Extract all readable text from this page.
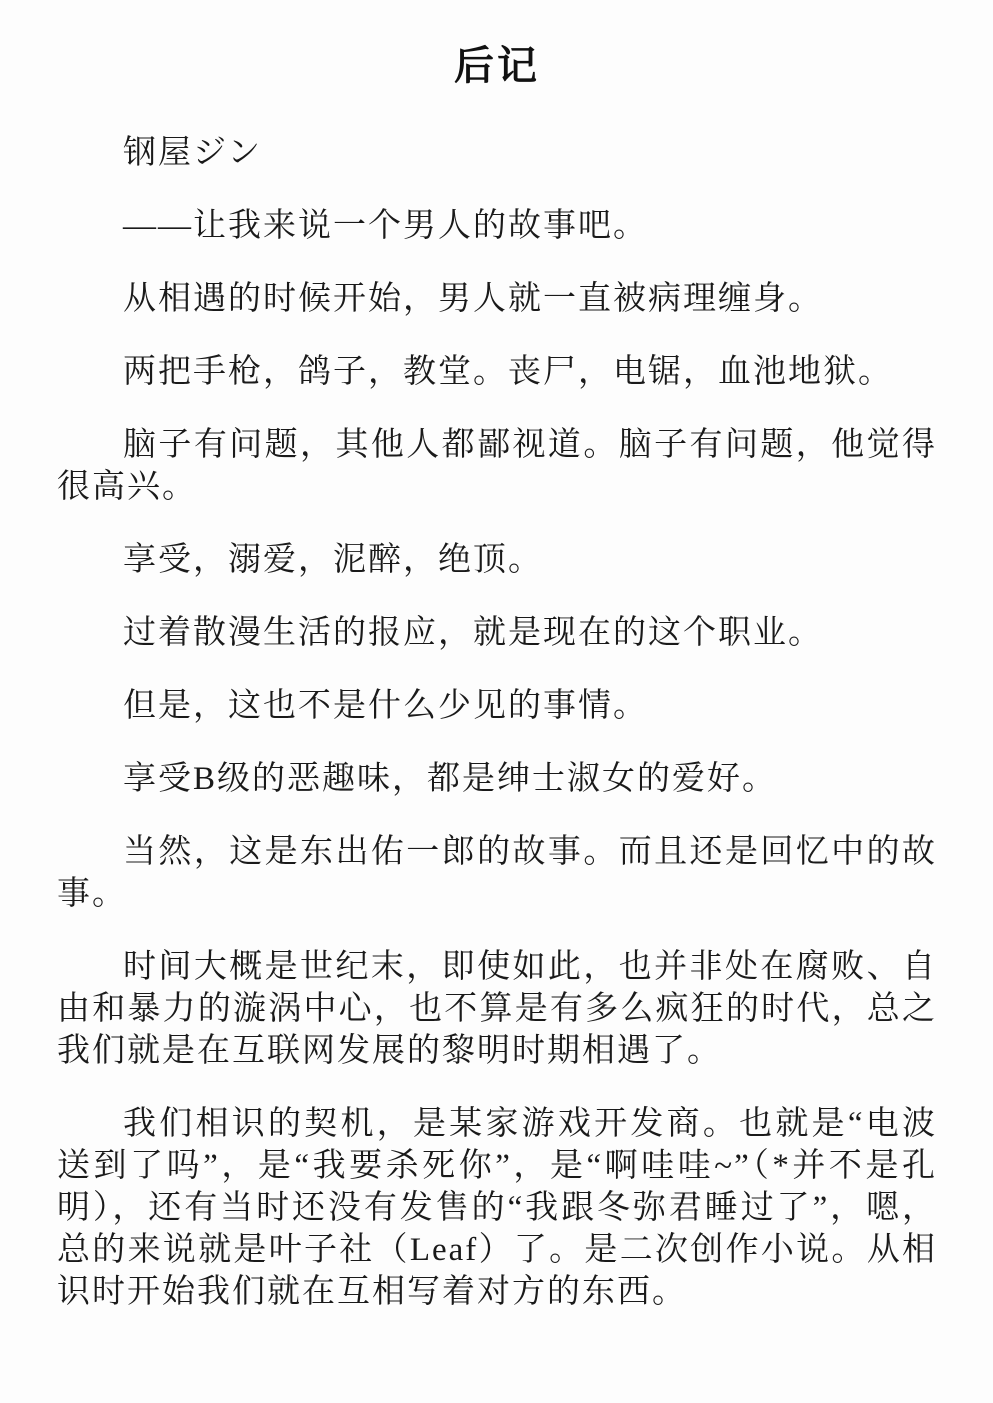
后记

钢屋ジン

——让我来说一个男人的故事吧。

从相遇的时候开始，男人就一直被病理缠身。

两把手枪，鸽子，教堂。丧尸，电锯，血池地狱。

脑子有问题，其他人都鄙视道。脑子有问题，他觉得很高兴。

享受，溺爱，泥醉，绝顶。

过着散漫生活的报应，就是现在的这个职业。

但是，这也不是什么少见的事情。

享受B级的恶趣味，都是绅士淑女的爱好。

当然，这是东出佑一郎的故事。而且还是回忆中的故事。

时间大概是世纪末，即使如此，也并非处在腐败、自由和暴力的漩涡中心，也不算是有多么疯狂的时代，总之我们就是在互联网发展的黎明时期相遇了。

我们相识的契机，是某家游戏开发商。也就是“电波送到了吗”，是“我要杀死你”，是“啊哇哇~”（*并不是孔明），还有当时还没有发售的“我跟冬弥君睡过了”，嗯，总的来说就是叶子社（Leaf）了。是二次创作小说。从相识时开始我们就在互相写着对方的东西。
